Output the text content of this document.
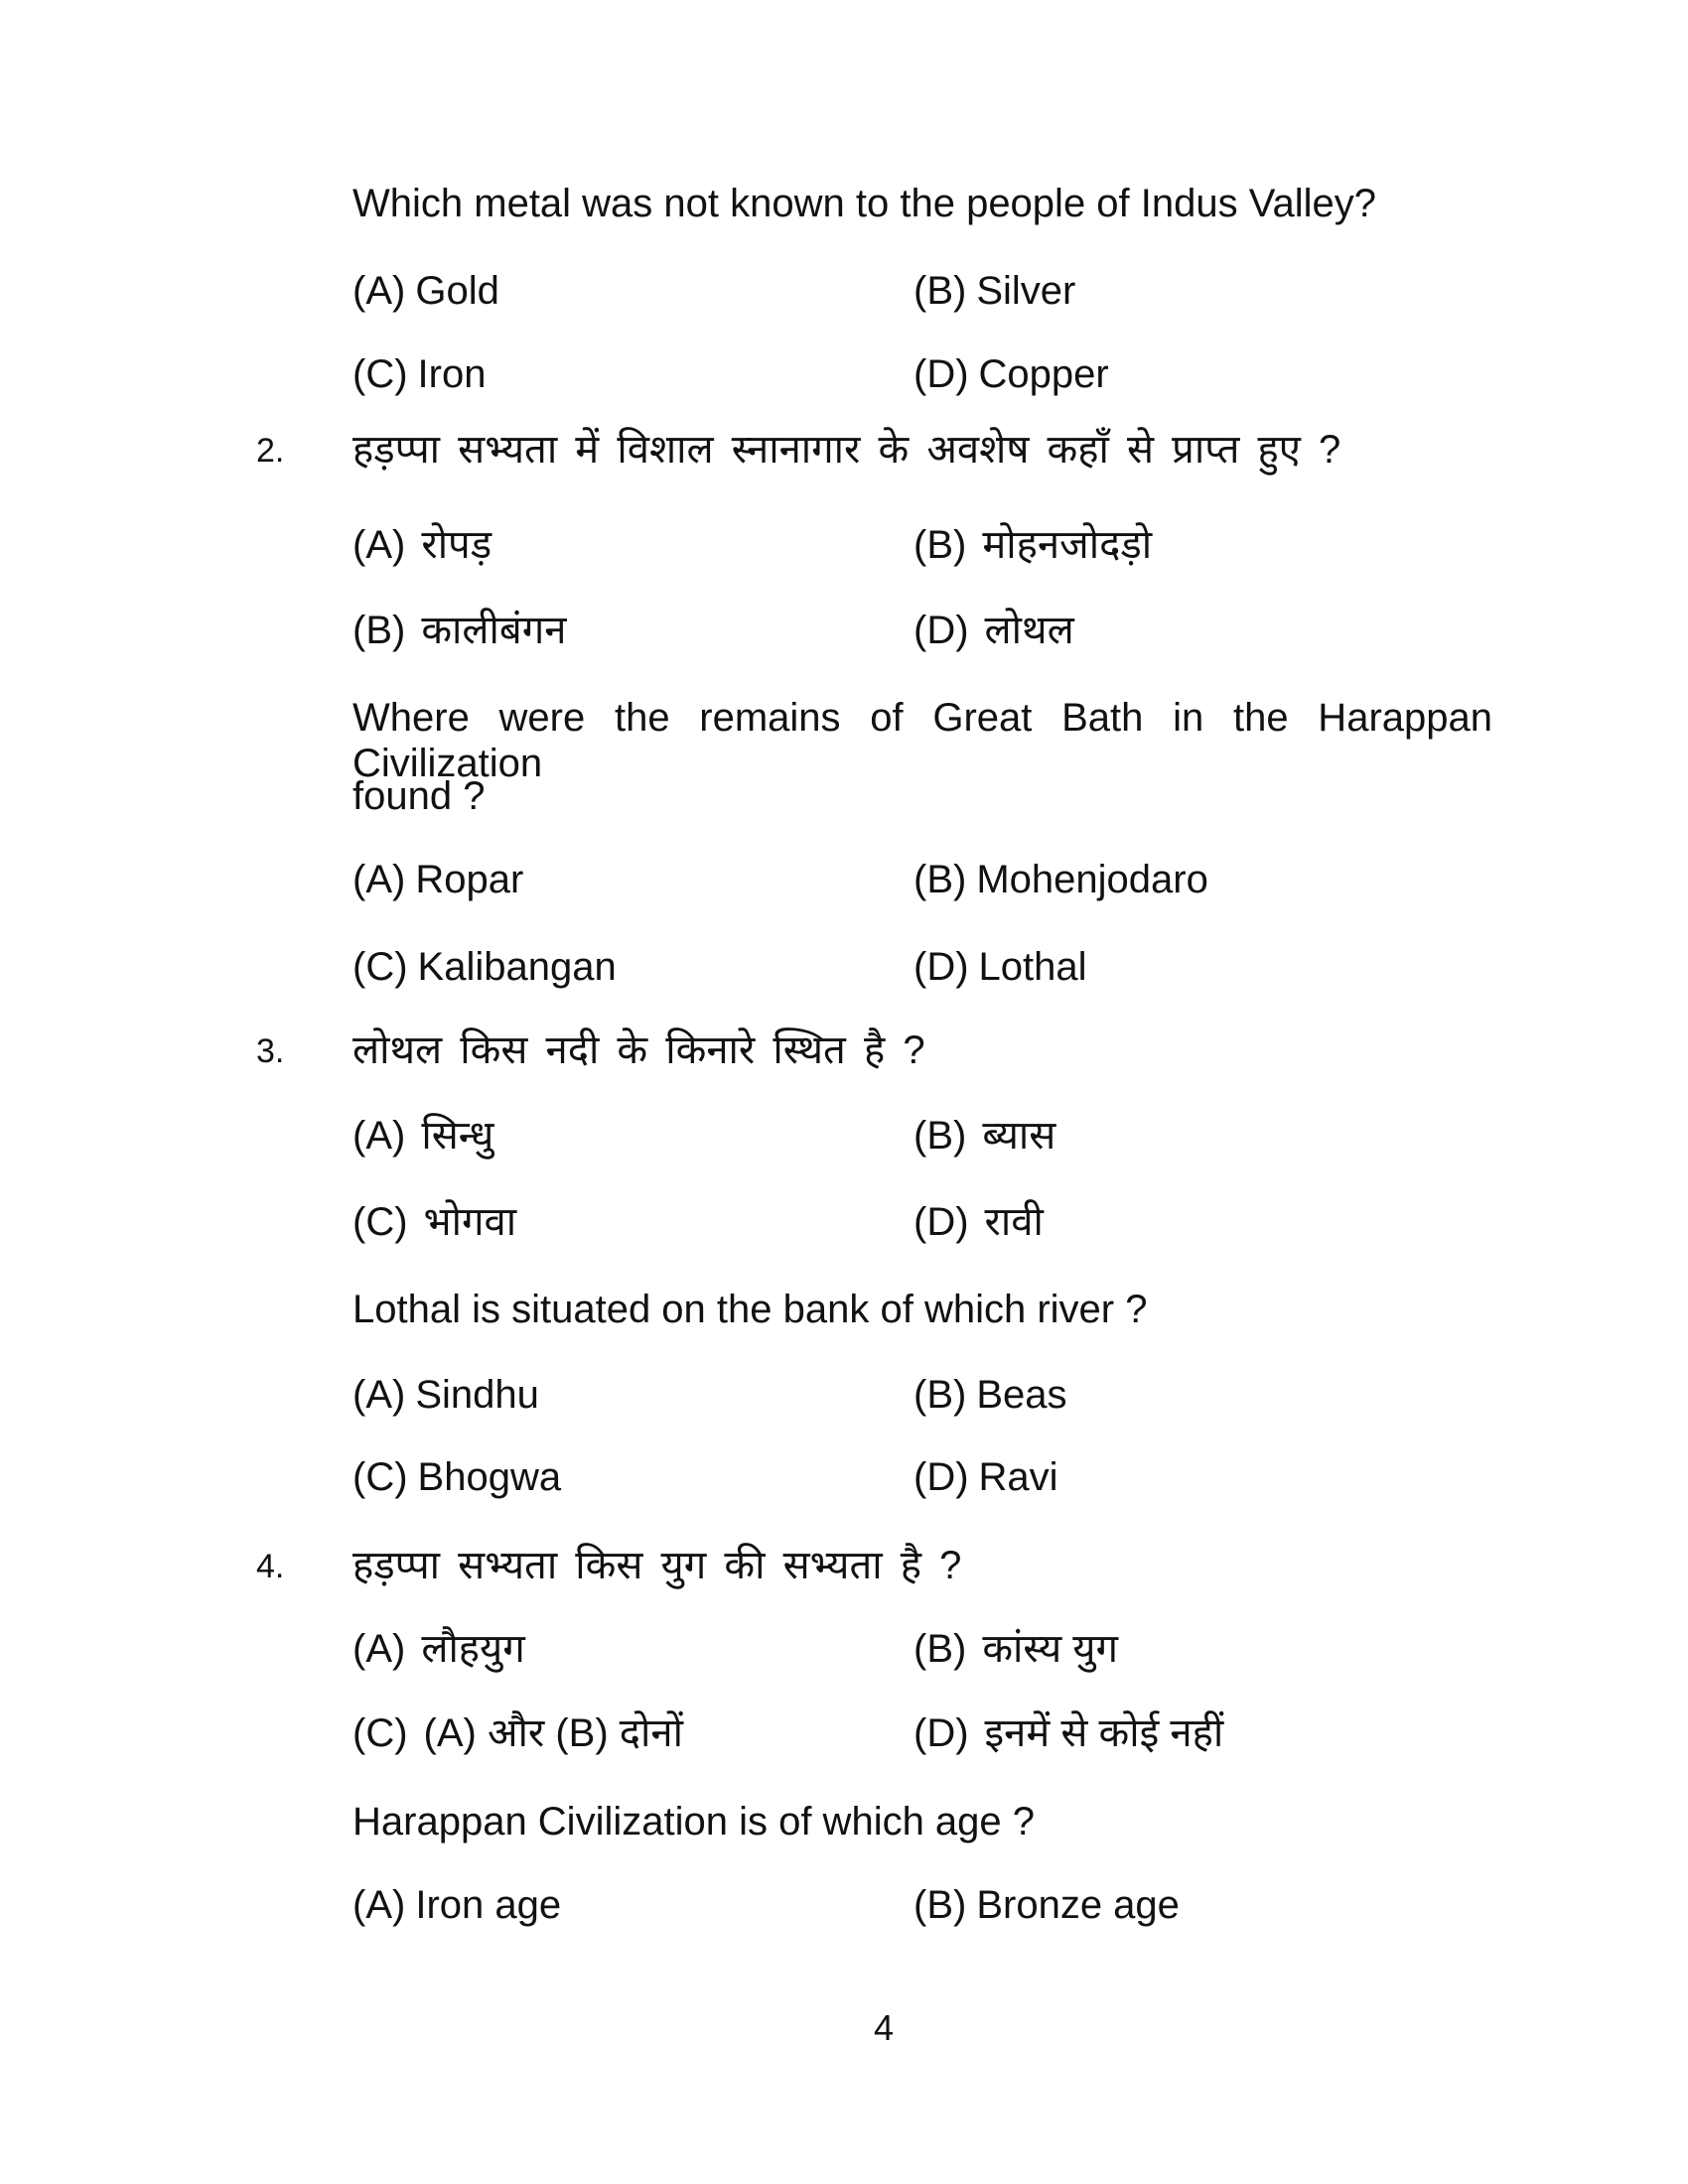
Which metal was not known to the people of Indus Valley?
(A) Gold	(B) Silver
(C) Iron	(D) Copper
2. हड़प्पा सभ्यता में विशाल स्नानागार के अवशेष कहाँ से प्राप्त हुए ?
(A) रोपड़	(B) मोहनजोदड़ो
(B) कालीबंगन	(D) लोथल
Where were the remains of Great Bath in the Harappan Civilization
found ?
(A) Ropar	(B) Mohenjodaro
(C) Kalibangan	(D) Lothal
3. लोथल किस नदी के किनारे स्थित है ?
(A) सिन्धु	(B) ब्यास
(C) भोगवा	(D) रावी
Lothal is situated on the bank of which river ?
(A) Sindhu	(B) Beas
(C) Bhogwa	(D) Ravi
4. हड़प्पा सभ्यता किस युग की सभ्यता है ?
(A) लौहयुग	(B) कांस्य युग
(C) (A) और (B) दोनों	(D) इनमें से कोई नहीं
Harappan Civilization is of which age ?
(A) Iron age	(B) Bronze age
4
